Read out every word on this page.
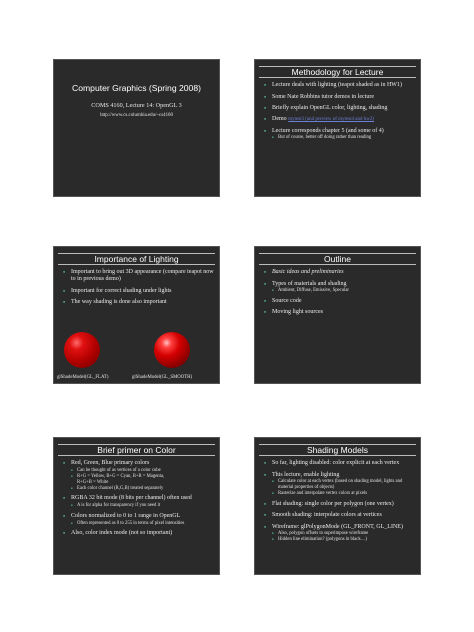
Computer Graphics (Spring 2008)
COMS 4160, Lecture 14: OpenGL 3
http://www.cs.columbia.edu/~cs4160
Methodology for Lecture
■ Lecture deals with lighting (teapot shaded as in HW1)
■ Some Nate Robbins tutor demos in lecture
■ Briefly explain OpenGL color, lighting, shading
■ Demo mytest3 (and preview of mytest4 and hw2)
■ Lecture corresponds chapter 5 (and some of 4)
■ But of course, better off doing rather than reading
Importance of Lighting
■ Important to bring out 3D appearance (compare teapot now to in previous demo)
■ Important for correct shading under lights
■ The way shading is done also important
glShadeModel(GL_FLAT)	glShadeModel(GL_SMOOTH)
Outline
■ Basic ideas and preliminaries
■ Types of materials and shading
■ Ambient, Diffuse, Emissive, Specular
■ Source code
■ Moving light sources
Brief primer on Color
■ Red, Green, Blue primary colors
■ Can be thought of as vertices of a color cube
■ R+G = Yellow, B+G = Cyan, B+R = Magenta,
R+G+B = White
■ Each color channel (R,G,B) treated separately
■ RGBA 32 bit mode (8 bits per channel) often used
■ A is for alpha for transparency if you need it
■ Colors normalized to 0 to 1 range in OpenGL
■ Often represented as 0 to 255 in terms of pixel intensities
■ Also, color index mode (not so important)
Shading Models
■ So far, lighting disabled: color explicit at each vertex
■ This lecture, enable lighting
■ Calculate color at each vertex (based on shading model, lights and material properties of objects)
■ Rasterize and interpolate vertex colors at pixels
■ Flat shading: single color per polygon (one vertex)
■ Smooth shading: interpolate colors at vertices
■ Wireframe: glPolygonMode (GL_FRONT, GL_LINE)
■ Also, polygon offsets to superimpose wireframe
■ Hidden line elimination? (polygons in black…)
